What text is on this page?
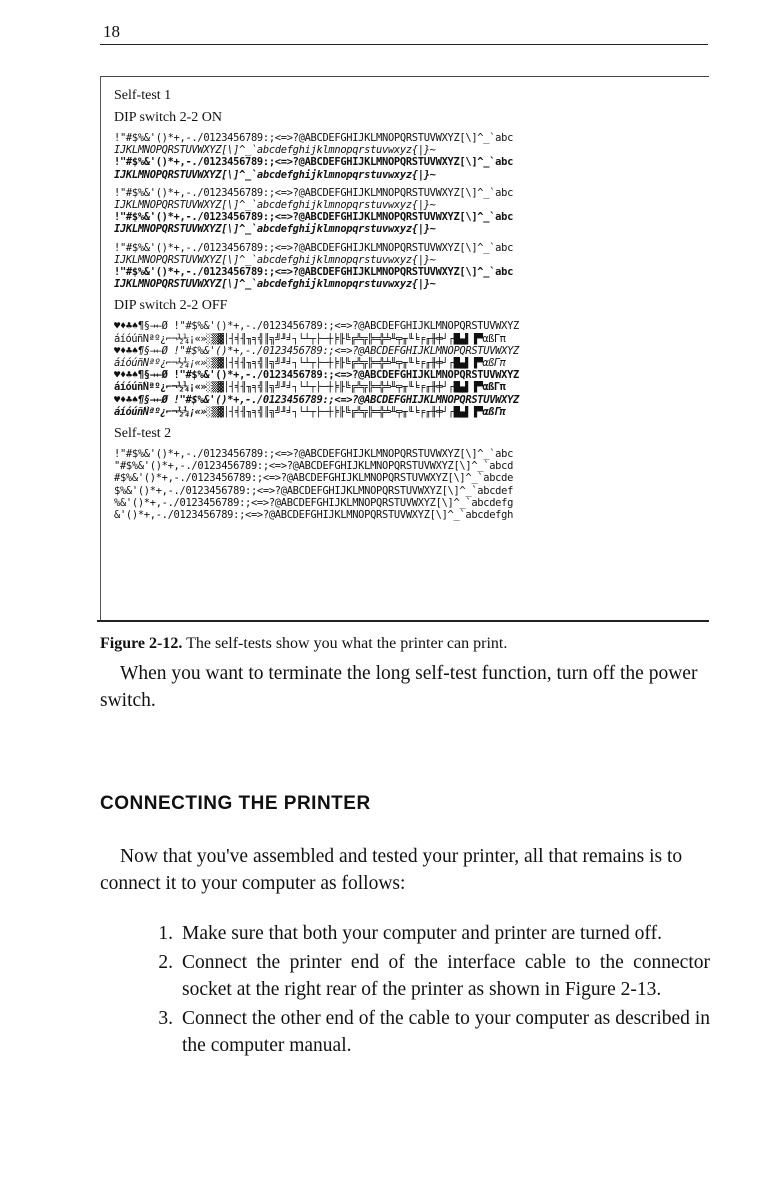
18
Self-test 1
DIP switch 2-2 ON
!"#$%&'()*+,-./0123456789:;<=>?@ABCDEFGHIJKLMNOPQRSTUVWXYZ[\]^_`abc
IJKLMNOPQRSTUVWXYZ[\]^_`abcdefghijklmnopqrstuvwxyz{|}~
!"#$%&'()*+,-./0123456789:;<=>?@ABCDEFGHIJKLMNOPQRSTUVWXYZ[\]^_`abc
IJKLMNOPQRSTUVWXYZ[\]^_`abcdefghijklmnopqrstuvwxyz{|}~
!"#$%&'()*+,-./0123456789:;<=>?@ABCDEFGHIJKLMNOPQRSTUVWXYZ[\]^_`abc
IJKLMNOPQRSTUVWXYZ[\]^_`abcdefghijklmnopqrstuvwxyz{|}~
!"#$%&'()*+,-./0123456789:;<=>?@ABCDEFGHIJKLMNOPQRSTUVWXYZ[\]^_`abc
IJKLMNOPQRSTUVWXYZ[\]^_`abcdefghijklmnopqrstuvwxyz{|}~
!"#$%&'()*+,-./0123456789:;<=>?@ABCDEFGHIJKLMNOPQRSTUVWXYZ[\]^_`abc
IJKLMNOPQRSTUVWXYZ[\]^_`abcdefghijklmnopqrstuvwxyz{|}~
!"#$%&'()*+,-./0123456789:;<=>?@ABCDEFGHIJKLMNOPQRSTUVWXYZ[\]^_`abc
IJKLMNOPQRSTUVWXYZ[\]^_`abcdefghijklmnopqrstuvwxyz{|}~
DIP switch 2-2 OFF
♥♦♣♠¶§→←Ø !"#$%&'()*+,-./0123456789:;<=>?@ABCDEFGHIJKLMNOPQRSTUVWXYZ
áíóúñÑªº¿⌐¬½¼¡«»░▒▓│┤╡╢╖╕╣║╗╝╜╛┐└┴┬├─┼╞╟╚╔╩╦╠═╬╧╨╤╥╙╘╒╓╫╪┘┌█▄▌▐▀αßΓπ
♥♦♣♠¶§→←Ø !"#$%&'()*+,-./0123456789:;<=>?@ABCDEFGHIJKLMNOPQRSTUVWXYZ
áíóúñÑªº¿⌐¬½¼¡«»░▒▓│┤╡╢╖╕╣║╗╝╜╛┐└┴┬├─┼╞╟╚╔╩╦╠═╬╧╨╤╥╙╘╒╓╫╪┘┌█▄▌▐▀αßΓπ
♥♦♣♠¶§→←Ø !"#$%&'()*+,-./0123456789:;<=>?@ABCDEFGHIJKLMNOPQRSTUVWXYZ
áíóúñÑªº¿⌐¬½¼¡«»░▒▓│┤╡╢╖╕╣║╗╝╜╛┐└┴┬├─┼╞╟╚╔╩╦╠═╬╧╨╤╥╙╘╒╓╫╪┘┌█▄▌▐▀αßΓπ
♥♦♣♠¶§→←Ø !"#$%&'()*+,-./0123456789:;<=>?@ABCDEFGHIJKLMNOPQRSTUVWXYZ
áíóúñÑªº¿⌐¬½¼¡«»░▒▓│┤╡╢╖╕╣║╗╝╜╛┐└┴┬├─┼╞╟╚╔╩╦╠═╬╧╨╤╥╙╘╒╓╫╪┘┌█▄▌▐▀αßΓπ
Self-test 2
!"#$%&'()*+,-./0123456789:;<=>?@ABCDEFGHIJKLMNOPQRSTUVWXYZ[\]^_`abc
"#$%&'()*+,-./0123456789:;<=>?@ABCDEFGHIJKLMNOPQRSTUVWXYZ[\]^_`abcd
#$%&'()*+,-./0123456789:;<=>?@ABCDEFGHIJKLMNOPQRSTUVWXYZ[\]^_`abcde
$%&'()*+,-./0123456789:;<=>?@ABCDEFGHIJKLMNOPQRSTUVWXYZ[\]^_`abcdef
%&'()*+,-./0123456789:;<=>?@ABCDEFGHIJKLMNOPQRSTUVWXYZ[\]^_`abcdefg
&'()*+,-./0123456789:;<=>?@ABCDEFGHIJKLMNOPQRSTUVWXYZ[\]^_`abcdefgh
Figure 2-12. The self-tests show you what the printer can print.
When you want to terminate the long self-test function, turn off the power switch.
CONNECTING THE PRINTER
Now that you've assembled and tested your printer, all that remains is to connect it to your computer as follows:
1. Make sure that both your computer and printer are turned off.
2. Connect the printer end of the interface cable to the connector socket at the right rear of the printer as shown in Figure 2-13.
3. Connect the other end of the cable to your computer as described in the computer manual.
